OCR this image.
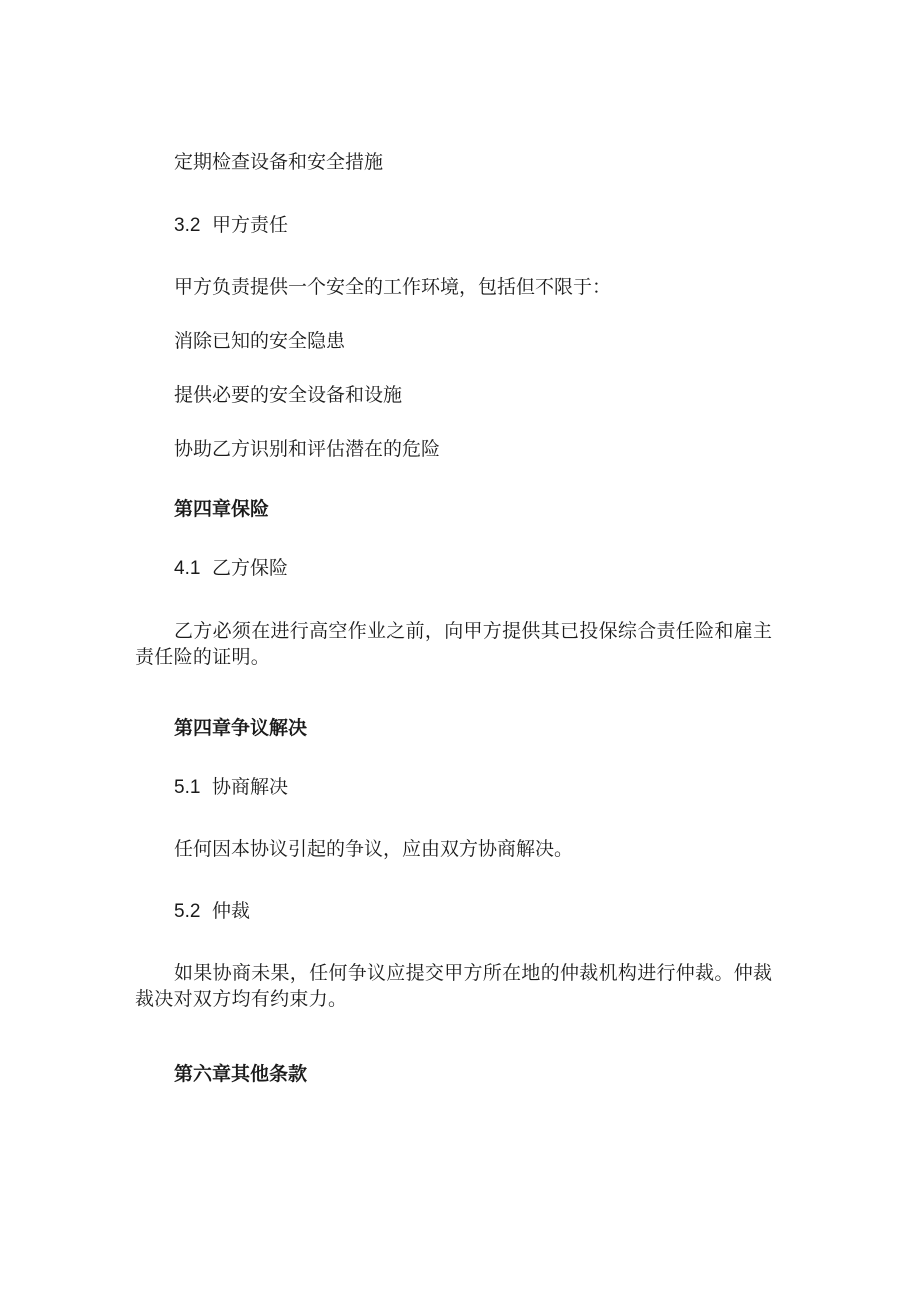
定期检查设备和安全措施

3.2 甲方责任

甲方负责提供一个安全的工作环境，包括但不限于：

消除已知的安全隐患

提供必要的安全设备和设施

协助乙方识别和评估潜在的危险

第四章保险

4.1 乙方保险

乙方必须在进行高空作业之前，向甲方提供其已投保综合责任险和雇主责任险的证明。

第四章争议解决

5.1 协商解决

任何因本协议引起的争议，应由双方协商解决。

5.2 仲裁

如果协商未果，任何争议应提交甲方所在地的仲裁机构进行仲裁。仲裁裁决对双方均有约束力。

第六章其他条款
